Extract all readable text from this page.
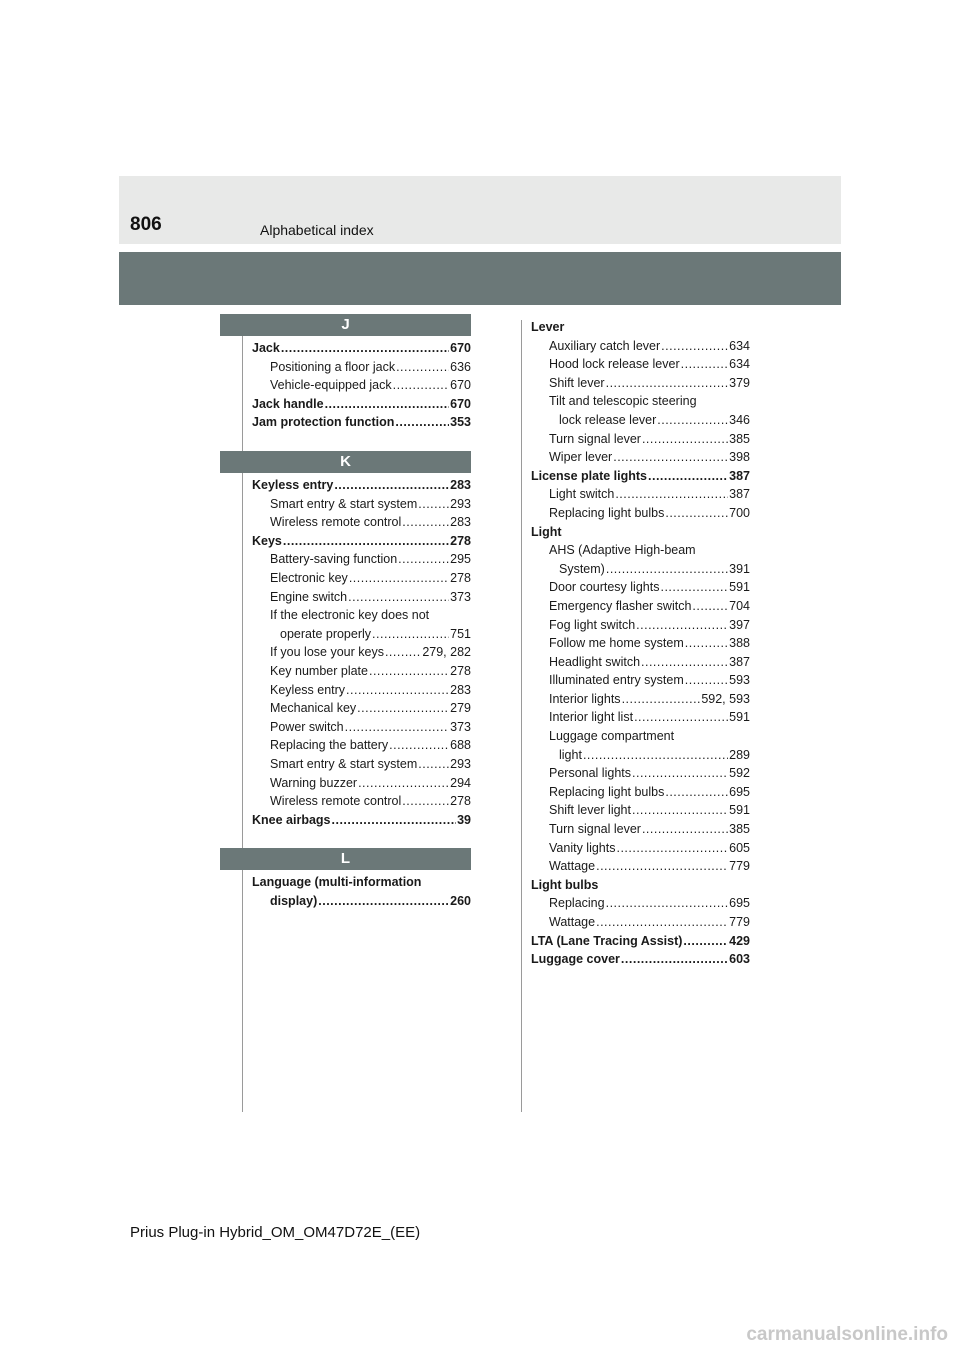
806	Alphabetical index
J
Jack .....	670
Positioning a floor jack .....	636
Vehicle-equipped jack .....	670
Jack handle .....	670
Jam protection function .....	353
K
Keyless entry .....	283
Smart entry & start system .....	293
Wireless remote control .....	283
Keys .....	278
Battery-saving function .....	295
Electronic key .....	278
Engine switch .....	373
If the electronic key does not
operate properly .....	751
If you lose your keys .....	279, 282
Key number plate .....	278
Keyless entry .....	283
Mechanical key .....	279
Power switch .....	373
Replacing the battery .....	688
Smart entry & start system .....	293
Warning buzzer .....	294
Wireless remote control .....	278
Knee airbags .....	39
L
Language (multi-information
display) .....	260
Lever
Auxiliary catch lever .....	634
Hood lock release lever .....	634
Shift lever .....	379
Tilt and telescopic steering
lock release lever .....	346
Turn signal lever .....	385
Wiper lever .....	398
License plate lights .....	387
Light switch .....	387
Replacing light bulbs .....	700
Light
AHS (Adaptive High-beam
System) .....	391
Door courtesy lights .....	591
Emergency flasher switch .....	704
Fog light switch .....	397
Follow me home system .....	388
Headlight switch .....	387
Illuminated entry system .....	593
Interior lights .....	592, 593
Interior light list .....	591
Luggage compartment
light .....	289
Personal lights .....	592
Replacing light bulbs .....	695
Shift lever light .....	591
Turn signal lever .....	385
Vanity lights .....	605
Wattage .....	779
Light bulbs
Replacing .....	695
Wattage .....	779
LTA (Lane Tracing Assist) .....	429
Luggage cover .....	603
Prius Plug-in Hybrid_OM_OM47D72E_(EE)
carmanualsonline.info
